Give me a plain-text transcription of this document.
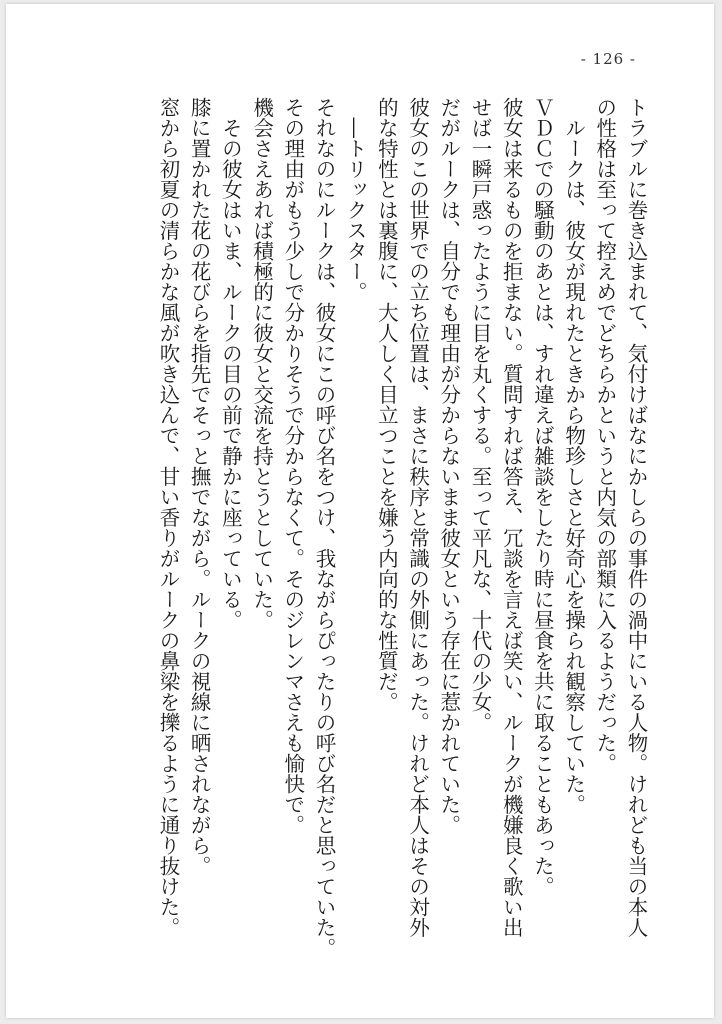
- 126 -

トラブルに巻き込まれて、気付けばなにかしらの事件の渦中にいる人物。けれども当の本人

の性格は至って控えめでどちらかというと内気の部類に入るようだった。

　ルークは、彼女が現れたときから物珍しさと好奇心を操られ観察していた。

ＶＤＣでの騒動のあとは、すれ違えば雑談をしたり時に昼食を共に取ることもあった。

彼女は来るものを拒まない。質問すれば答え、冗談を言えば笑い、ルークが機嫌良く歌い出

せば一瞬戸惑ったように目を丸くする。至って平凡な、十代の少女。

だがルークは、自分でも理由が分からないまま彼女という存在に惹かれていた。

彼女のこの世界での立ち位置は、まさに秩序と常識の外側にあった。けれど本人はその対外

的な特性とは裏腹に、大人しく目立つことを嫌う内向的な性質だ。

　―トリックスター。

それなのにルークは、彼女にこの呼び名をつけ、我ながらぴったりの呼び名だと思っていた。

その理由がもう少しで分かりそうで分からなくて。そのジレンマさえも愉快で。

機会さえあれば積極的に彼女と交流を持とうとしていた。

　その彼女はいま、ルークの目の前で静かに座っている。

膝に置かれた花の花びらを指先でそっと撫でながら。ルークの視線に晒されながら。

窓から初夏の清らかな風が吹き込んで、甘い香りがルークの鼻梁を擽るように通り抜けた。
